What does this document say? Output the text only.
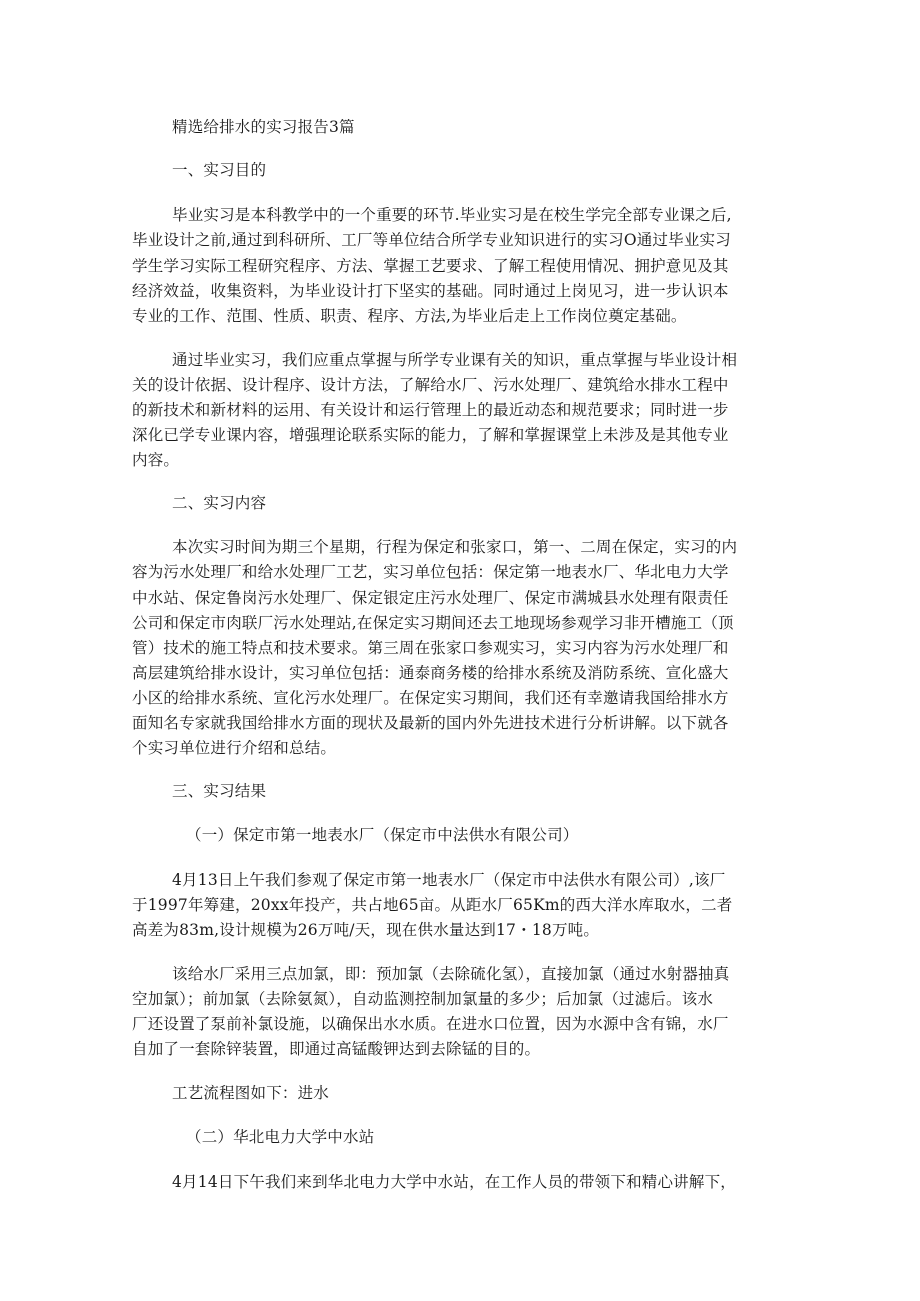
精选给排水的实习报告3篇
一、实习目的
毕业实习是本科教学中的一个重要的环节.毕业实习是在校生学完全部专业课之后,
毕业设计之前,通过到科研所、工厂等单位结合所学专业知识进行的实习O通过毕业实习
学生学习实际工程研究程序、方法、掌握工艺要求、了解工程使用情况、拥护意见及其
经济效益，收集资料，为毕业设计打下坚实的基础。同时通过上岗见习，进一步认识本
专业的工作、范围、性质、职责、程序、方法,为毕业后走上工作岗位奠定基础。
通过毕业实习，我们应重点掌握与所学专业课有关的知识，重点掌握与毕业设计相
关的设计依据、设计程序、设计方法，了解给水厂、污水处理厂、建筑给水排水工程中
的新技术和新材料的运用、有关设计和运行管理上的最近动态和规范要求；同时进一步
深化已学专业课内容，增强理论联系实际的能力，了解和掌握课堂上未涉及是其他专业
内容。
二、实习内容
本次实习时间为期三个星期，行程为保定和张家口，第一、二周在保定，实习的内
容为污水处理厂和给水处理厂工艺，实习单位包括：保定第一地表水厂、华北电力大学
中水站、保定鲁岗污水处理厂、保定银定庄污水处理厂、保定市满城县水处理有限责任
公司和保定市肉联厂污水处理站,在保定实习期间还去工地现场参观学习非开槽施工（顶
管）技术的施工特点和技术要求。第三周在张家口参观实习，实习内容为污水处理厂和
高层建筑给排水设计，实习单位包括：通泰商务楼的给排水系统及消防系统、宣化盛大
小区的给排水系统、宣化污水处理厂。在保定实习期间，我们还有幸邀请我国给排水方
面知名专家就我国给排水方面的现状及最新的国内外先进技术进行分析讲解。以下就各
个实习单位进行介绍和总结。
三、实习结果
（一）保定市第一地表水厂（保定市中法供水有限公司）
4月13日上午我们参观了保定市第一地表水厂（保定市中法供水有限公司）,该厂
于1997年筹建，20xx年投产，共占地65亩。从距水厂65Km的西大洋水库取水，二者
高差为83m,设计规模为26万吨/天，现在供水量达到17・18万吨。
该给水厂采用三点加氯，即：预加氯（去除硫化氢），直接加氯（通过水射器抽真
空加氯）；前加氯（去除氨氮），自动监测控制加氯量的多少；后加氯（过滤后。该水
厂还设置了泵前补氯设施，以确保出水水质。在进水口位置，因为水源中含有锦，水厂
自加了一套除锌装置，即通过高锰酸钾达到去除锰的目的。
工艺流程图如下：进水
（二）华北电力大学中水站
4月14日下午我们来到华北电力大学中水站，在工作人员的带领下和精心讲解下，
